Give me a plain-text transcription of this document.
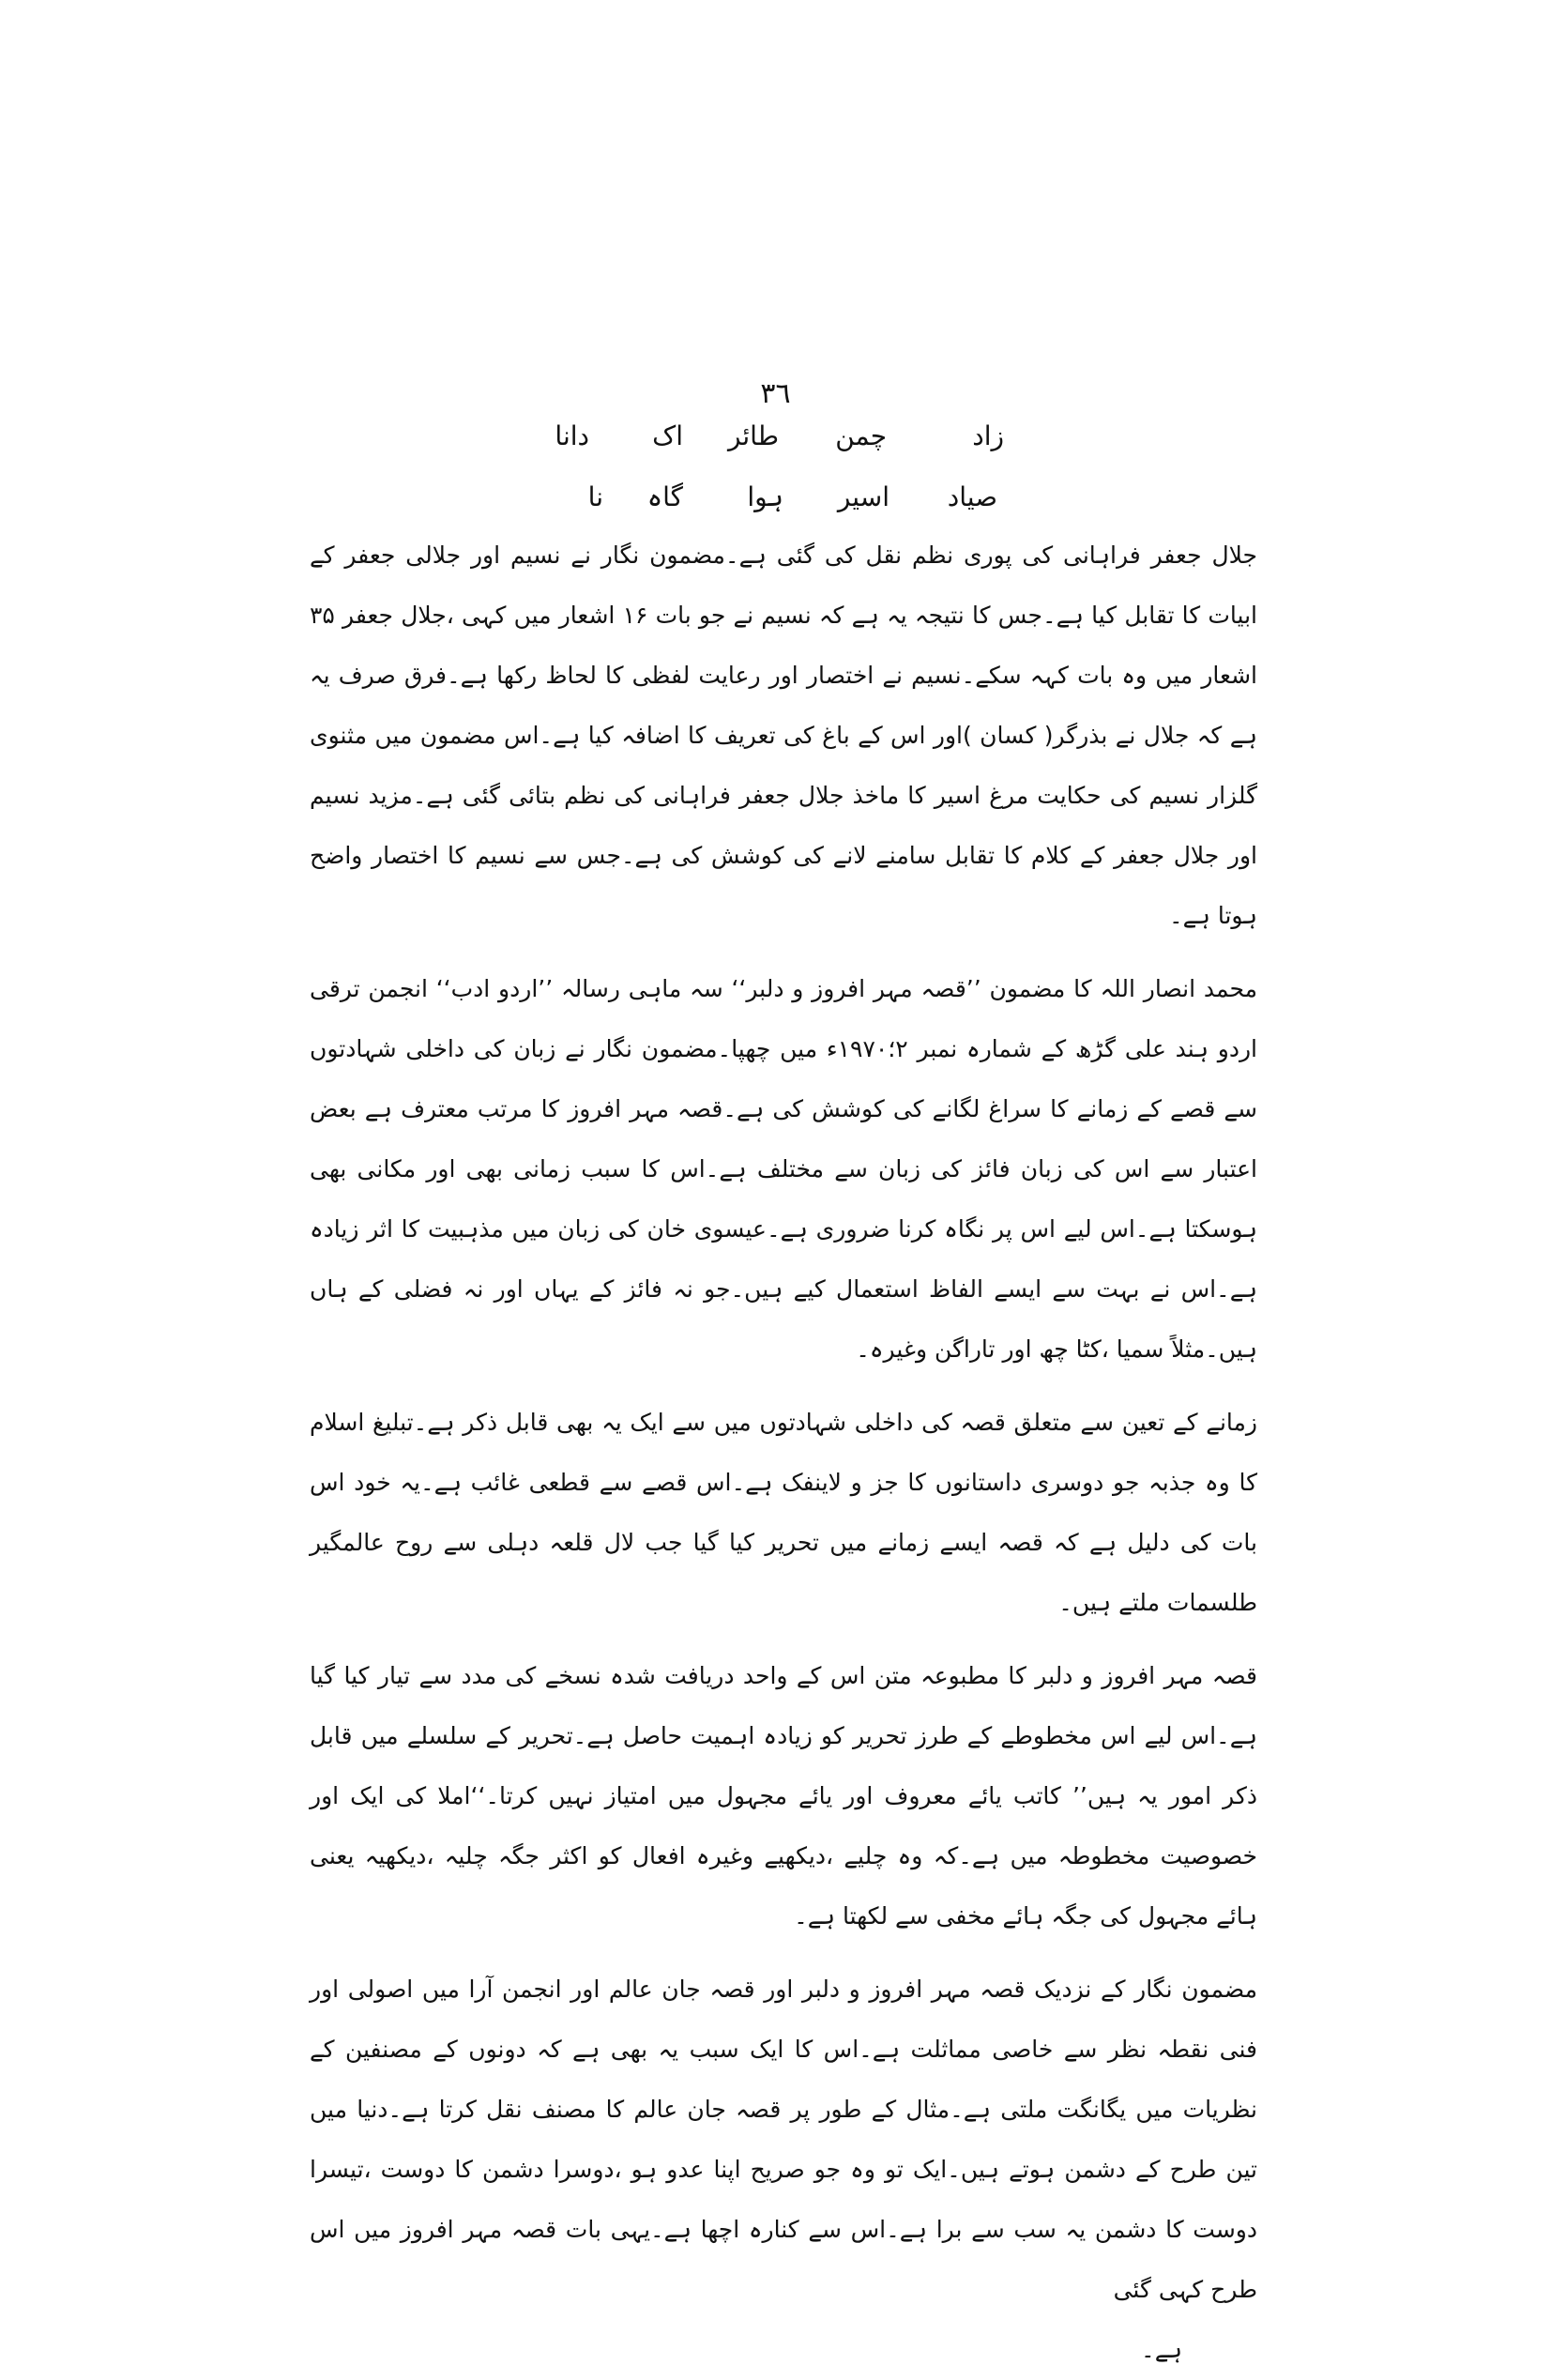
٣٦
زاد
چمن
طائر
اک
دانا
صیاد
اسیر
ہوا
گاہ
نا

جلال جعفر فراہانی کی پوری نظم نقل کی گئی ہے۔مضمون نگار نے نسیم اور جلالی جعفر کے ابیات کا تقابل کیا ہے۔جس کا نتیجہ یہ ہے کہ نسیم نے جو بات ۱۶ اشعار میں کہی ،جلال جعفر ۳۵ اشعار میں وہ بات کہہ سکے۔نسیم نے اختصار اور رعایت لفظی کا لحاظ رکھا ہے۔فرق صرف یہ ہے کہ جلال نے بذرگر( کسان )اور اس کے باغ کی تعریف کا اضافہ کیا ہے۔اس مضمون میں مثنوی گلزار نسیم کی حکایت مرغ اسیر کا ماخذ جلال جعفر فراہانی کی نظم بتائی گئی ہے۔مزید نسیم اور جلال جعفر کے کلام کا تقابل سامنے لانے کی کوشش کی ہے۔جس سے نسیم کا اختصار واضح ہوتا ہے۔

محمد انصار اللہ کا مضمون ’’قصہ مہر افروز و دلبر‘‘ سہ ماہی رسالہ ’’اردو ادب‘‘ انجمن ترقی اردو ہند علی گڑھ کے شمارہ نمبر ۲؛۱۹۷۰ء میں چھپا۔مضمون نگار نے زبان کی داخلی شہادتوں سے قصے کے زمانے کا سراغ لگانے کی کوشش کی ہے۔قصہ مہر افروز کا مرتب معترف ہے بعض اعتبار سے اس کی زبان فائز کی زبان سے مختلف ہے۔اس کا سبب زمانی بھی اور مکانی بھی ہوسکتا ہے۔اس لیے اس پر نگاہ کرنا ضروری ہے۔عیسوی خان کی زبان میں مذہبیت کا اثر زیادہ ہے۔اس نے بہت سے ایسے الفاظ استعمال کیے ہیں۔جو نہ فائز کے یہاں اور نہ فضلی کے ہاں ہیں۔مثلاً سمیا ،کٹا چھ اور تاراگن وغیرہ۔

زمانے کے تعین سے متعلق قصہ کی داخلی شہادتوں میں سے ایک یہ بھی قابل ذکر ہے۔تبلیغ اسلام کا وہ جذبہ جو دوسری داستانوں کا جز و لاینفک ہے۔اس قصے سے قطعی غائب ہے۔یہ خود اس بات کی دلیل ہے کہ قصہ ایسے زمانے میں تحریر کیا گیا جب لال قلعہ دہلی سے روح عالمگیر طلسمات ملتے ہیں۔

قصہ مہر افروز و دلبر کا مطبوعہ متن اس کے واحد دریافت شدہ نسخے کی مدد سے تیار کیا گیا ہے۔اس لیے اس مخطوطے کے طرز تحریر کو زیادہ اہمیت حاصل ہے۔تحریر کے سلسلے میں قابل ذکر امور یہ ہیں’’ کاتب یائے معروف اور یائے مجہول میں امتیاز نہیں کرتا۔‘‘املا کی ایک اور خصوصیت مخطوطہ میں ہے۔کہ وہ چلیے ،دیکھیے وغیرہ افعال کو اکثر جگہ چلیہ ،دیکھیہ یعنی ہائے مجہول کی جگہ ہائے مخفی سے لکھتا ہے۔

مضمون نگار کے نزدیک قصہ مہر افروز و دلبر اور قصہ جان عالم اور انجمن آرا میں اصولی اور فنی نقطہ نظر سے خاصی مماثلت ہے۔اس کا ایک سبب یہ بھی ہے کہ دونوں کے مصنفین کے نظریات میں یگانگت ملتی ہے۔مثال کے طور پر قصہ جان عالم کا مصنف نقل کرتا ہے۔دنیا میں تین طرح کے دشمن ہوتے ہیں۔ایک تو وہ جو صریح اپنا عدو ہو ،دوسرا دشمن کا دوست ،تیسرا دوست کا دشمن یہ سب سے برا ہے۔اس سے کنارہ اچھا ہے۔یہی بات قصہ مہر افروز میں اس طرح کہی گئی

ہے۔
